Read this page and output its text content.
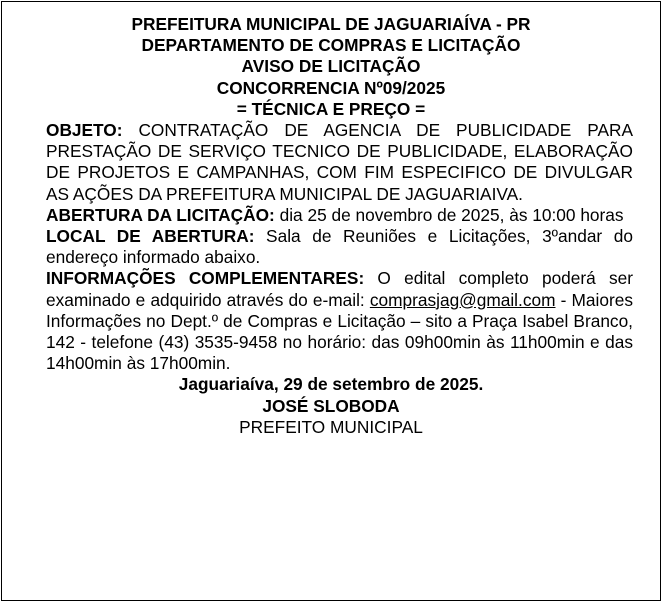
PREFEITURA MUNICIPAL DE JAGUARIAÍVA - PR
DEPARTAMENTO DE COMPRAS E LICITAÇÃO
AVISO DE LICITAÇÃO
CONCORRENCIA Nº09/2025
= TÉCNICA E PREÇO =
OBJETO: CONTRATAÇÃO DE AGENCIA DE PUBLICIDADE PARA PRESTAÇÃO DE SERVIÇO TECNICO DE PUBLICIDADE, ELABORAÇÃO DE PROJETOS E CAMPANHAS, COM FIM ESPECIFICO DE DIVULGAR AS AÇÕES DA PREFEITURA MUNICIPAL DE JAGUARIAIVA.
ABERTURA DA LICITAÇÃO: dia 25 de novembro de 2025, às 10:00 horas
LOCAL DE ABERTURA: Sala de Reuniões e Licitações, 3ºandar do endereço informado abaixo.
INFORMAÇÕES COMPLEMENTARES: O edital completo poderá ser examinado e adquirido através do e-mail: comprasjag@gmail.com - Maiores Informações no Dept.º de Compras e Licitação – sito a Praça Isabel Branco, 142 - telefone (43) 3535-9458 no horário: das 09h00min às 11h00min e das 14h00min às 17h00min.
Jaguariaíva, 29 de setembro de 2025.
JOSÉ SLOBODA
PREFEITO MUNICIPAL
